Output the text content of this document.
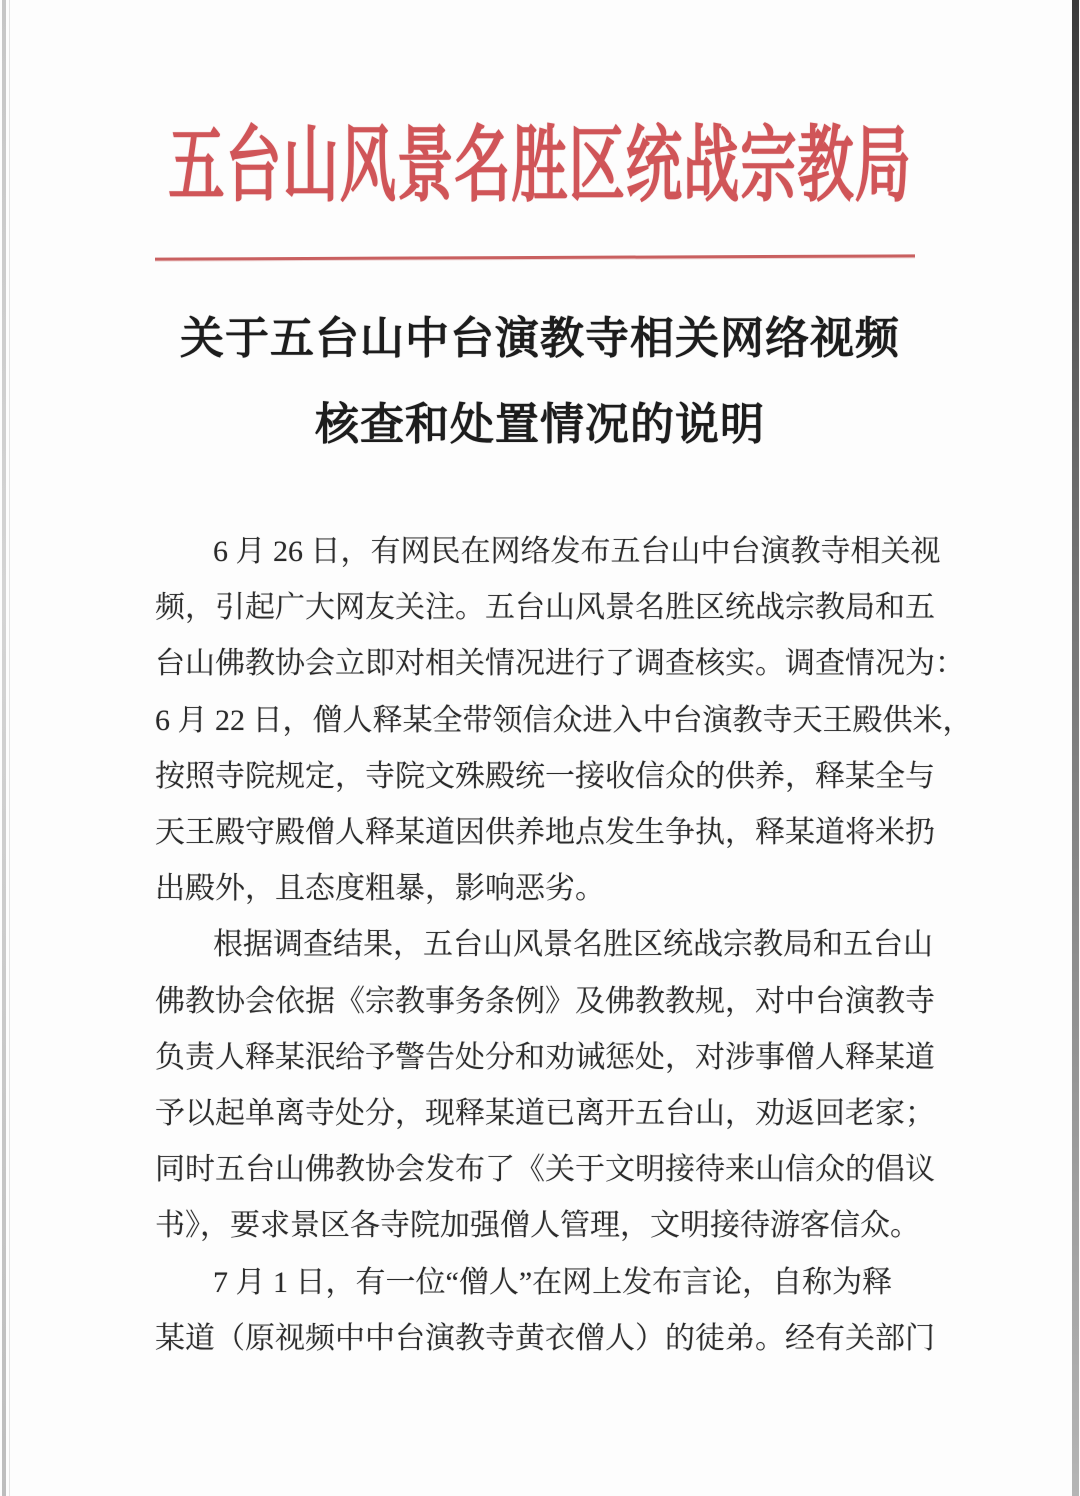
五台山风景名胜区统战宗教局
关于五台山中台演教寺相关网络视频
核查和处置情况的说明
6 月 26 日，有网民在网络发布五台山中台演教寺相关视
频，引起广大网友关注。五台山风景名胜区统战宗教局和五
台山佛教协会立即对相关情况进行了调查核实。调查情况为：
6 月 22 日，僧人释某全带领信众进入中台演教寺天王殿供米，
按照寺院规定，寺院文殊殿统一接收信众的供养，释某全与
天王殿守殿僧人释某道因供养地点发生争执，释某道将米扔
出殿外，且态度粗暴，影响恶劣。
根据调查结果，五台山风景名胜区统战宗教局和五台山
佛教协会依据《宗教事务条例》及佛教教规，对中台演教寺
负责人释某泯给予警告处分和劝诫惩处，对涉事僧人释某道
予以起单离寺处分，现释某道已离开五台山，劝返回老家；
同时五台山佛教协会发布了《关于文明接待来山信众的倡议
书》，要求景区各寺院加强僧人管理，文明接待游客信众。
7 月 1 日，有一位“僧人”在网上发布言论，自称为释
某道（原视频中中台演教寺黄衣僧人）的徒弟。经有关部门
